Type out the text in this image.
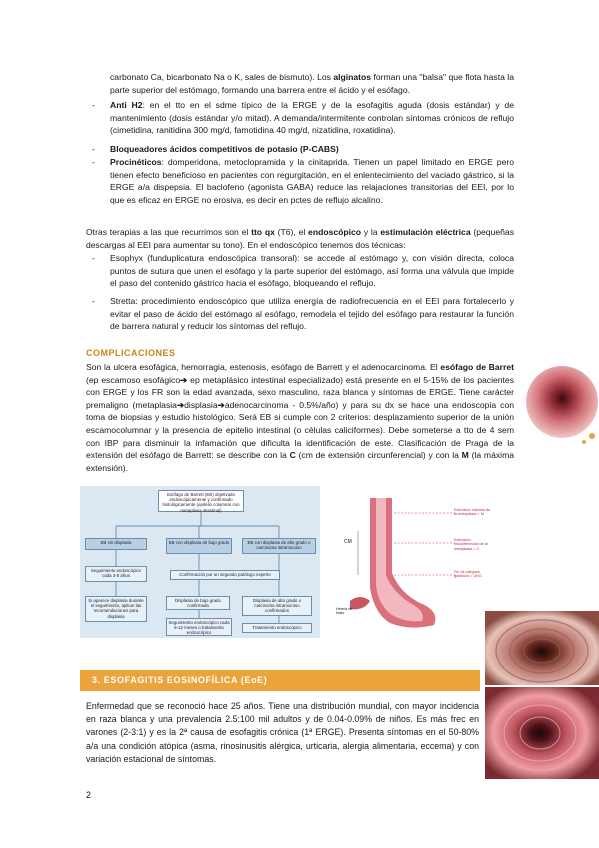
carbonato Ca, bicarbonato Na o K, sales de bismuto). Los alginatos forman una "balsa" que flota hasta la parte superior del estómago, formando una barrera entre el ácido y el esófago.

- Anti H2: en el tto en el sdme típico de la ERGE y de la esofagitis aguda (dosis estándar) y de mantenimiento (dosis estándar y/o mitad). A demanda/intermitente controlan síntomas crónicos de reflujo (cimetidina, ranitidina 300 mg/d, famotidina 40 mg/d, nizatidina, roxatidina).

- Bloqueadores ácidos competitivos de potasio (P-CABS)

- Procinéticos: domperidona, metoclopramida y la cinitaprida. Tienen un papel limitado en ERGE pero tienen efecto beneficioso en pacientes con regurgitación, en el enlentecimiento del vaciado gástrico, si la ERGE a/a dispepsia. El baclofeno (agonista GABA) reduce las relajaciones transitorias del EEI, por lo que es eficaz en ERGE no erosiva, es decir en pctes de reflujo alcalino.

Otras terapias a las que recurrimos son el tto qx (T6), el endoscópico y la estimulación eléctrica (pequeñas descargas al EEI para aumentar su tono). En el endoscópico tenemos dos técnicas:

- Esophyx (funduplicatura endoscópica transoral): se accede al estómago y, con visión directa, coloca puntos de sutura que unen el esófago y la parte superior del estómago, así forma una válvula que impide el paso del contenido gástrico hacia el esófago, bloqueando el reflujo.

- Stretta: procedimiento endoscópico que utiliza energía de radiofrecuencia en el EEI para fortalecerlo y evitar el paso de ácido del estómago al esófago, remodela el tejido del esófago para restaurar la función de barrera natural y reducir los síntomas del reflujo.

COMPLICACIONES

Son la ulcera esofágica, hemorragia, estenosis, esófago de Barrett y el adenocarcinoma. El esófago de Barret (ep escamoso esofágico➔ ep metaplásico intestinal especializado) está presente en el 5-15% de los pacientes con ERGE y los FR son la edad avanzada, sexo masculino, raza blanca y síntomas de ERGE. Tiene carácter premaligno (metaplasia➔displasia➔adenocarcinoma - 0.5%/año) y para su dx se hace una endoscopia con toma de biopsias y estudio histológico. Será EB si cumple con 2 criterios: desplazamiento superior de la unión escamocolumnar y la presencia de epitelio intestinal (o células caliciformes). Debe someterse a tto de 4 sem con IBP para disminuir la infamación que dificulta la identificación de este. Clasificación de Praga de la extensión del esófago de Barrett: se describe con la C (cm de extensión circunferencial) y con la M (la máxima extensión).

Esófago de Barrett (EB) objetivado endoscópicamente y confirmado histológicamente (epitelio columnar con metaplasia intestinal)
EB sin displasia	EB con displasia de bajo grado	EB con displasia de alto grado o carcinoma intramucoso
Seguimiento endoscópico cada 3-5 años	Confirmación por un segundo patólogo experto
Si aparece displasia durante el seguimiento, aplicar las recomendaciones para displasia
Displasia de bajo grado confirmada
Displasia de alto grado o carcinoma intramucoso confirmados
Seguimiento endoscópico cada 6-12 meses o tratamiento endoscópico
Tratamiento endoscópico
CM
Extensión máxima de la metaplasia = M
Extensión circunferencial de la metaplasia = C
Fin de pliegues gástricos = UEG
Hernia de hiato
3. ESOFAGITIS EOSINOFÍLICA (EoE)

Enfermedad que se reconoció hace 25 años. Tiene una distribución mundial, con mayor incidencia en raza blanca y una prevalencia 2.5:100 mil adultos y de 0.04-0.09% de niños. Es más frec en varones (2-3:1) y es la 2ª causa de esofagitis crónica (1ª ERGE). Presenta síntomas en el 50-80% a/a una condición atópica (asma, rinosinusitis alérgica, urticaria, alergia alimentaria, eccema) y con variación estacional de síntomas.

2
